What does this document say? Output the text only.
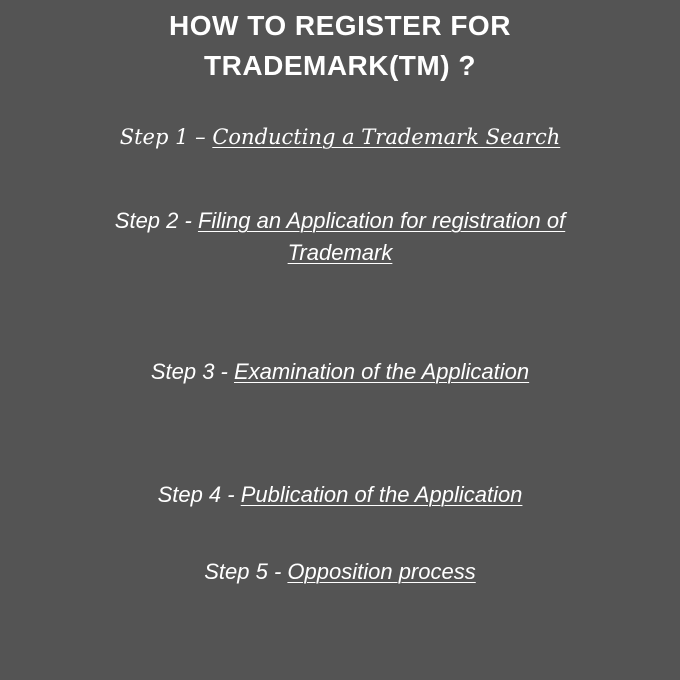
HOW TO REGISTER FOR
TRADEMARK(TM) ?
Step 1 – Conducting a Trademark Search
Step 2 - Filing an Application for registration of Trademark
Step 3 - Examination of the Application
Step 4 - Publication of the Application
Step 5 - Opposition process
